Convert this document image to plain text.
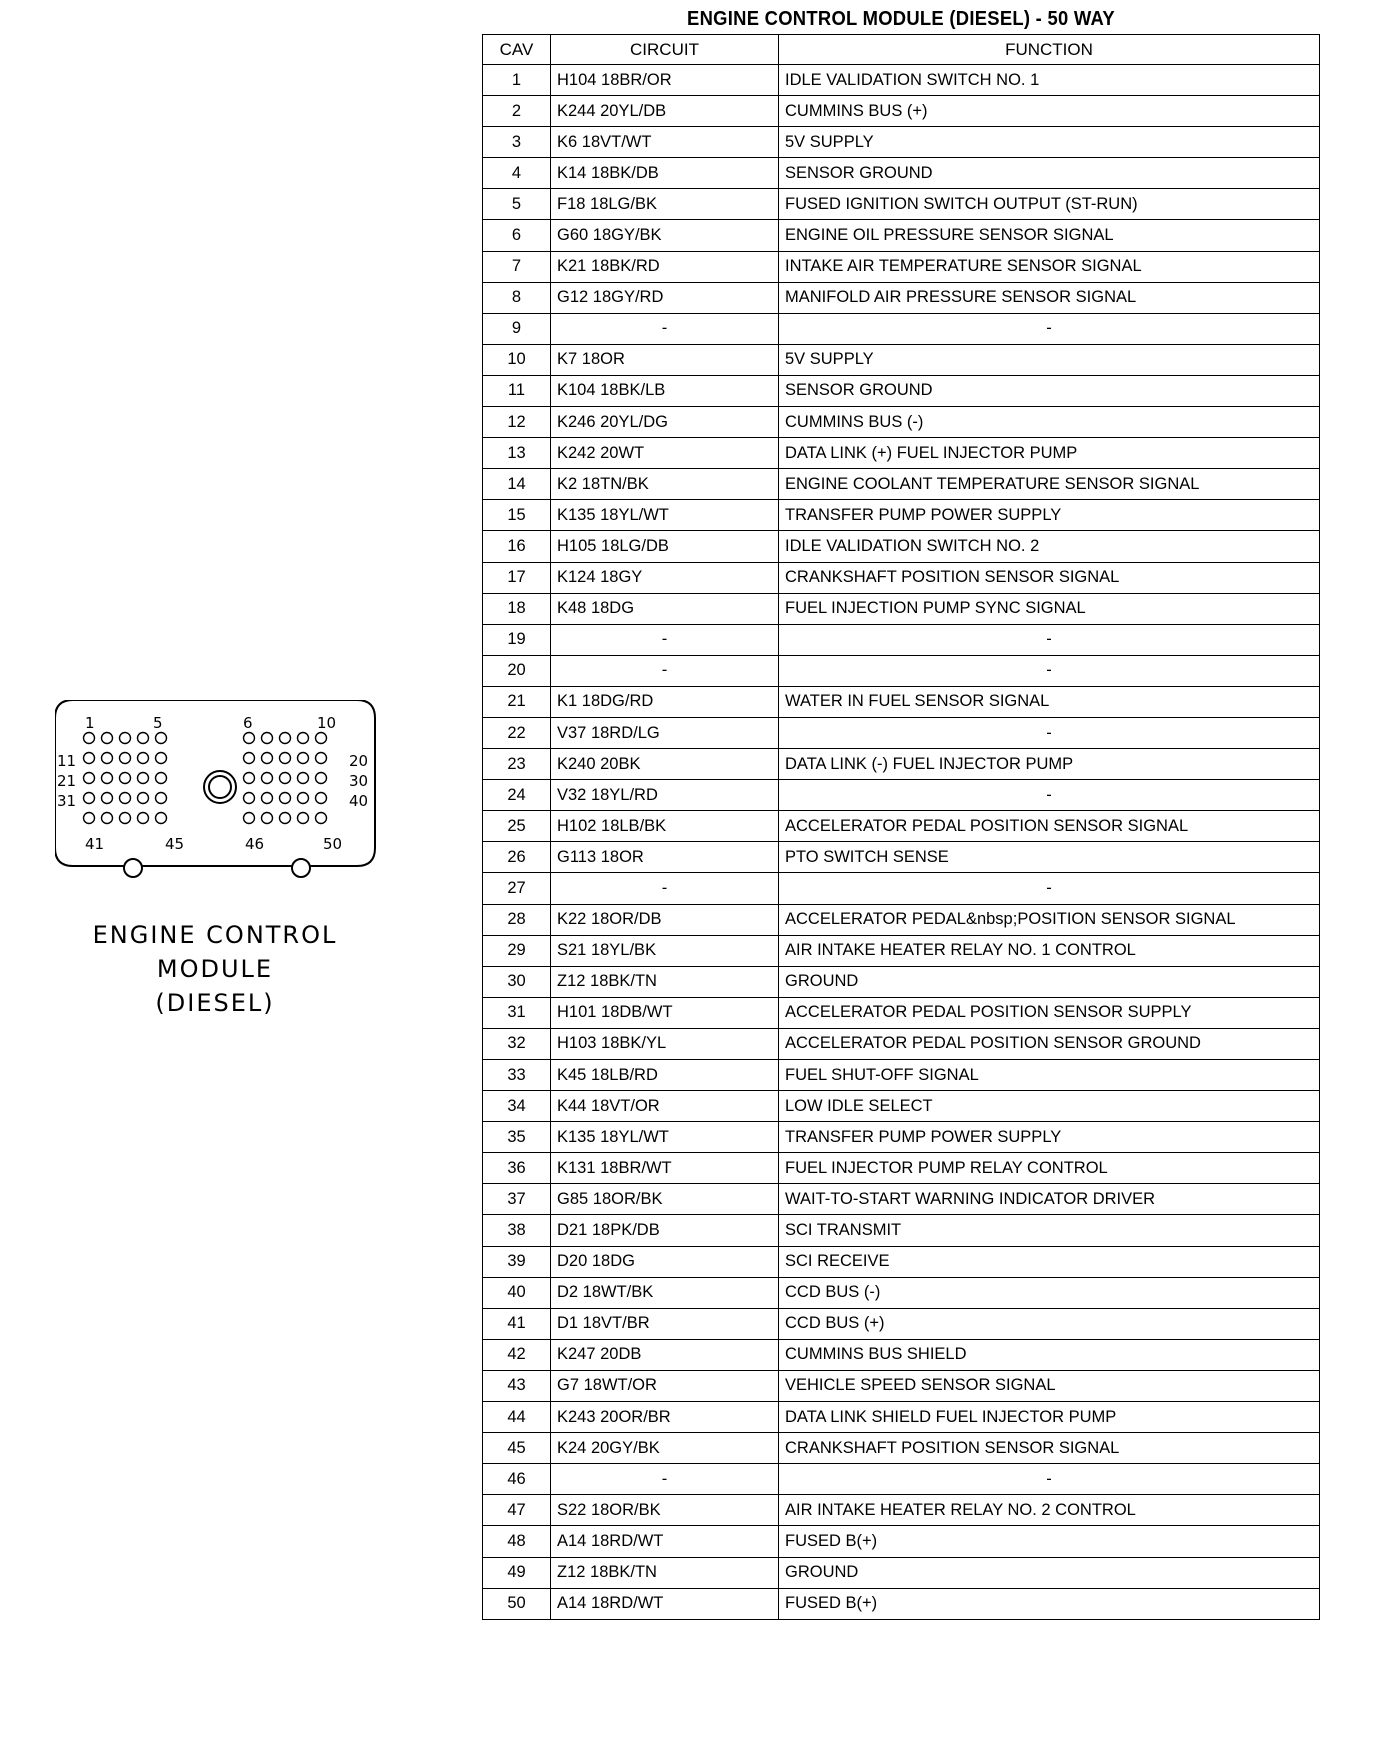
1	5	6	10
11	20
21	30
31	40
41	45	46	50
ENGINE CONTROL
MODULE
(DIESEL)
ENGINE CONTROL MODULE (DIESEL) - 50 WAY
CAV	CIRCUIT	FUNCTION
1	H104 18BR/OR	IDLE VALIDATION SWITCH NO. 1
2	K244 20YL/DB	CUMMINS BUS (+)
3	K6 18VT/WT	5V SUPPLY
4	K14 18BK/DB	SENSOR GROUND
5	F18 18LG/BK	FUSED IGNITION SWITCH OUTPUT (ST-RUN)
6	G60 18GY/BK	ENGINE OIL PRESSURE SENSOR SIGNAL
7	K21 18BK/RD	INTAKE AIR TEMPERATURE SENSOR SIGNAL
8	G12 18GY/RD	MANIFOLD AIR PRESSURE SENSOR SIGNAL
9	-	-
10	K7 18OR	5V SUPPLY
11	K104 18BK/LB	SENSOR GROUND
12	K246 20YL/DG	CUMMINS BUS (-)
13	K242 20WT	DATA LINK (+) FUEL INJECTOR PUMP
14	K2 18TN/BK	ENGINE COOLANT TEMPERATURE SENSOR SIGNAL
15	K135 18YL/WT	TRANSFER PUMP POWER SUPPLY
16	H105 18LG/DB	IDLE VALIDATION SWITCH NO. 2
17	K124 18GY	CRANKSHAFT POSITION SENSOR SIGNAL
18	K48 18DG	FUEL INJECTION PUMP SYNC SIGNAL
19	-	-
20	-	-
21	K1 18DG/RD	WATER IN FUEL SENSOR SIGNAL
22	V37 18RD/LG	-
23	K240 20BK	DATA LINK (-) FUEL INJECTOR PUMP
24	V32 18YL/RD	-
25	H102 18LB/BK	ACCELERATOR PEDAL POSITION SENSOR SIGNAL
26	G113 18OR	PTO SWITCH SENSE
27	-	-
28	K22 18OR/DB	ACCELERATOR PEDAL&nbsp;POSITION SENSOR SIGNAL
29	S21 18YL/BK	AIR INTAKE HEATER RELAY NO. 1 CONTROL
30	Z12 18BK/TN	GROUND
31	H101 18DB/WT	ACCELERATOR PEDAL POSITION SENSOR SUPPLY
32	H103 18BK/YL	ACCELERATOR PEDAL POSITION SENSOR GROUND
33	K45 18LB/RD	FUEL SHUT-OFF SIGNAL
34	K44 18VT/OR	LOW IDLE SELECT
35	K135 18YL/WT	TRANSFER PUMP POWER SUPPLY
36	K131 18BR/WT	FUEL INJECTOR PUMP RELAY CONTROL
37	G85 18OR/BK	WAIT-TO-START WARNING INDICATOR DRIVER
38	D21 18PK/DB	SCI TRANSMIT
39	D20 18DG	SCI RECEIVE
40	D2 18WT/BK	CCD BUS (-)
41	D1 18VT/BR	CCD BUS (+)
42	K247 20DB	CUMMINS BUS SHIELD
43	G7 18WT/OR	VEHICLE SPEED SENSOR SIGNAL
44	K243 20OR/BR	DATA LINK SHIELD FUEL INJECTOR PUMP
45	K24 20GY/BK	CRANKSHAFT POSITION SENSOR SIGNAL
46	-	-
47	S22 18OR/BK	AIR INTAKE HEATER RELAY NO. 2 CONTROL
48	A14 18RD/WT	FUSED B(+)
49	Z12 18BK/TN	GROUND
50	A14 18RD/WT	FUSED B(+)
